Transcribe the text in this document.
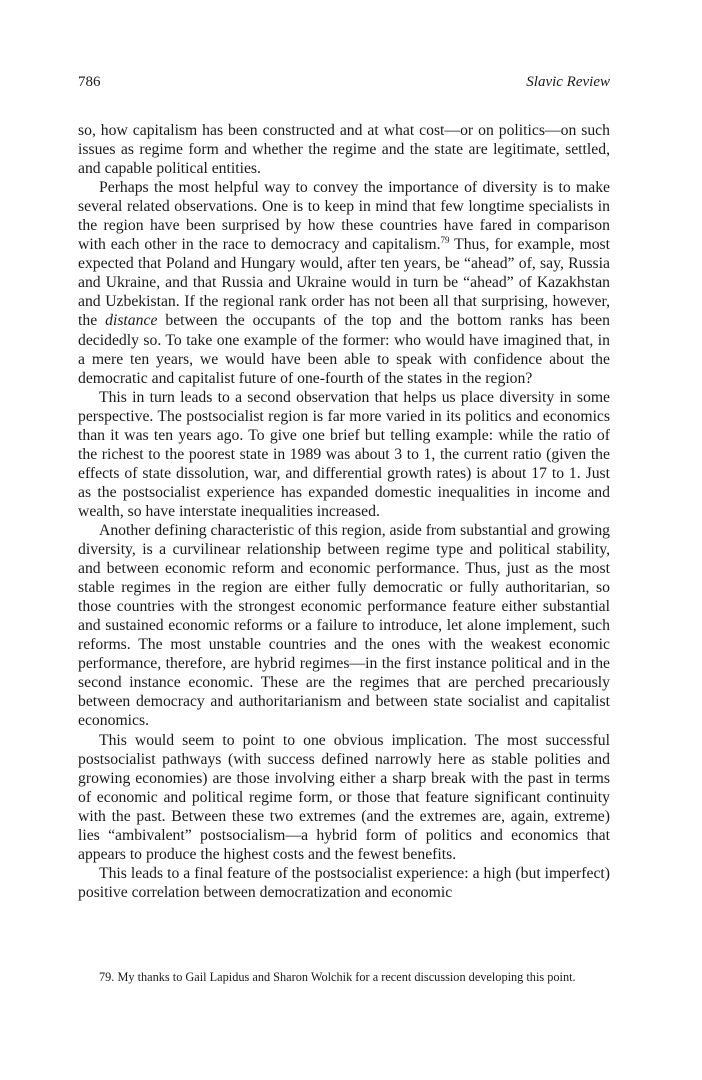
786	Slavic Review

so, how capitalism has been constructed and at what cost—or on politics—on such issues as regime form and whether the regime and the state are legitimate, settled, and capable political entities.

Perhaps the most helpful way to convey the importance of diversity is to make several related observations. One is to keep in mind that few longtime specialists in the region have been surprised by how these countries have fared in comparison with each other in the race to democracy and capitalism.$^{79}$ Thus, for example, most expected that Poland and Hungary would, after ten years, be “ahead” of, say, Russia and Ukraine, and that Russia and Ukraine would in turn be “ahead” of Kazakhstan and Uzbekistan. If the regional rank order has not been all that surprising, however, the distance between the occupants of the top and the bottom ranks has been decidedly so. To take one example of the former: who would have imagined that, in a mere ten years, we would have been able to speak with confidence about the democratic and capitalist future of one-fourth of the states in the region?

This in turn leads to a second observation that helps us place diversity in some perspective. The postsocialist region is far more varied in its politics and economics than it was ten years ago. To give one brief but telling example: while the ratio of the richest to the poorest state in 1989 was about 3 to 1, the current ratio (given the effects of state dissolution, war, and differential growth rates) is about 17 to 1. Just as the postsocialist experience has expanded domestic inequalities in income and wealth, so have interstate inequalities increased.

Another defining characteristic of this region, aside from substantial and growing diversity, is a curvilinear relationship between regime type and political stability, and between economic reform and economic performance. Thus, just as the most stable regimes in the region are either fully democratic or fully authoritarian, so those countries with the strongest economic performance feature either substantial and sustained economic reforms or a failure to introduce, let alone implement, such reforms. The most unstable countries and the ones with the weakest economic performance, therefore, are hybrid regimes—in the first instance political and in the second instance economic. These are the regimes that are perched precariously between democracy and authoritarianism and between state socialist and capitalist economics.

This would seem to point to one obvious implication. The most successful postsocialist pathways (with success defined narrowly here as stable polities and growing economies) are those involving either a sharp break with the past in terms of economic and political regime form, or those that feature significant continuity with the past. Between these two extremes (and the extremes are, again, extreme) lies “ambivalent” postsocialism—a hybrid form of politics and economics that appears to produce the highest costs and the fewest benefits.

This leads to a final feature of the postsocialist experience: a high (but imperfect) positive correlation between democratization and economic

79. My thanks to Gail Lapidus and Sharon Wolchik for a recent discussion developing this point.
